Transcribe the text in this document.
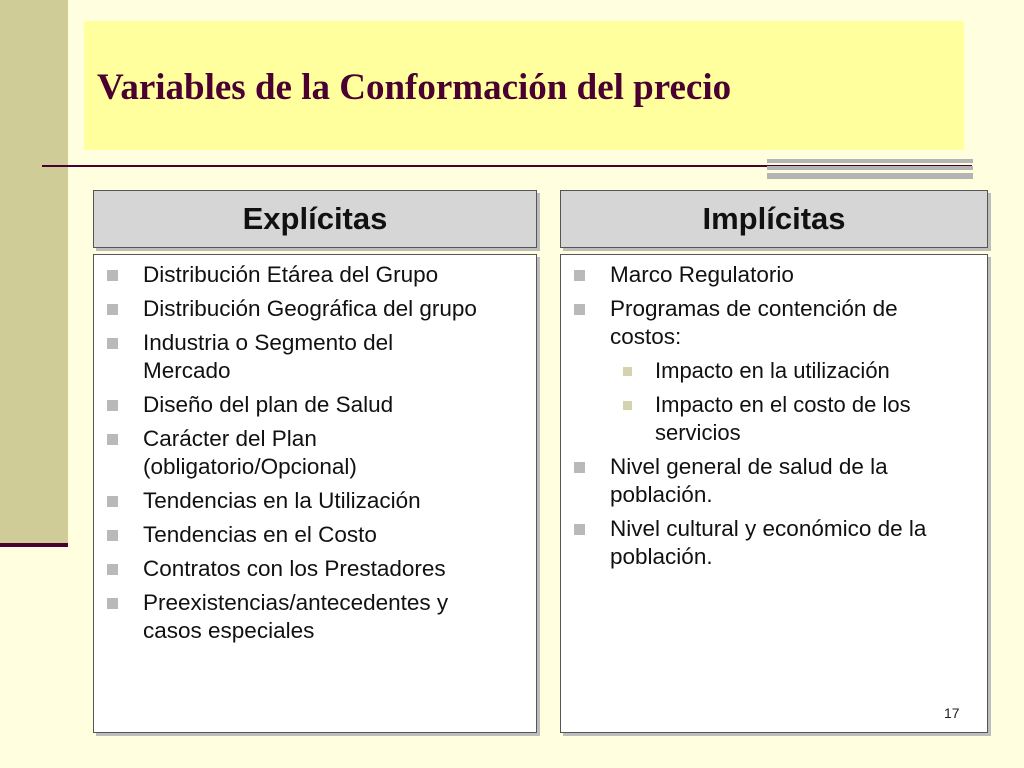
Variables de la Conformación del precio
Explícitas
Distribución Etárea del Grupo
Distribución Geográfica del grupo
Industria o Segmento del Mercado
Diseño del plan de Salud
Carácter del Plan (obligatorio/Opcional)
Tendencias en la Utilización
Tendencias en el Costo
Contratos con los Prestadores
Preexistencias/antecedentes y casos especiales
Implícitas
Marco Regulatorio
Programas de contención de costos:
Impacto en la utilización
Impacto en el costo de los servicios
Nivel general de salud de la población.
Nivel cultural y económico de la población.
17
